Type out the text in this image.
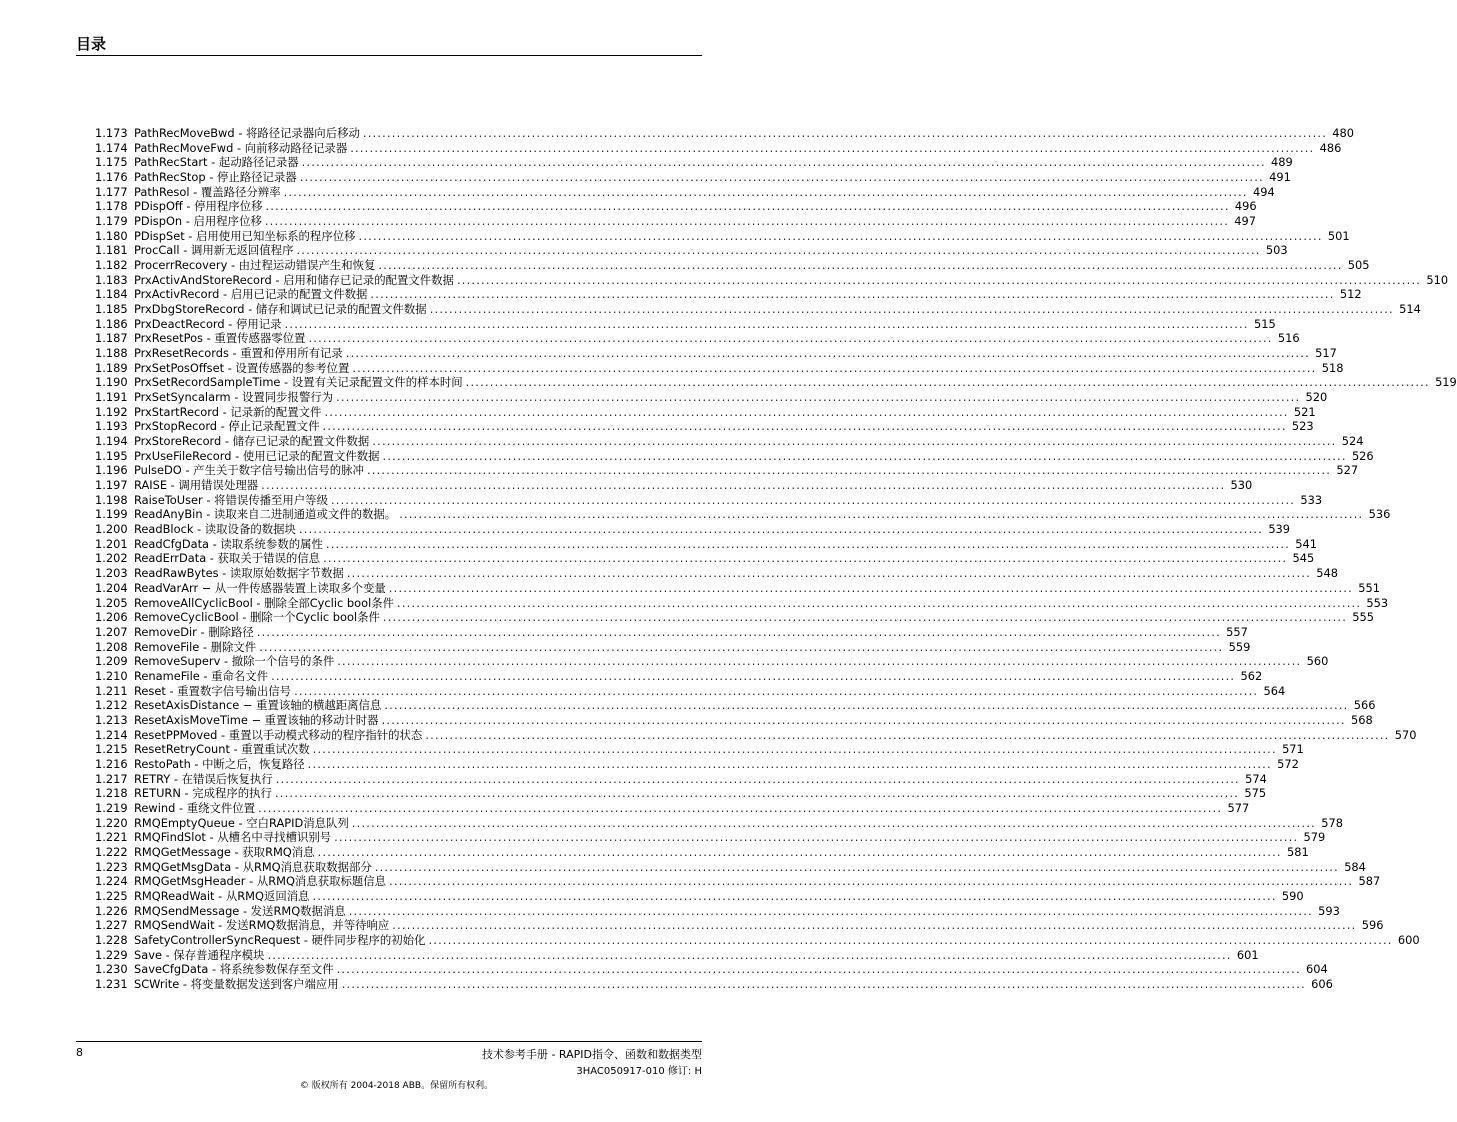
目录
1.173 PathRecMoveBwd - 将路径记录器向后移动 ........................................................................................................................................................................................................ 480
1.174 PathRecMoveFwd - 向前移动路径记录器 ........................................................................................................................................................................................................ 486
1.175 PathRecStart - 起动路径记录器 ........................................................................................................................................................................................................ 489
1.176 PathRecStop - 停止路径记录器 ........................................................................................................................................................................................................ 491
1.177 PathResol - 覆盖路径分辨率 ........................................................................................................................................................................................................ 494
1.178 PDispOff - 停用程序位移 ........................................................................................................................................................................................................ 496
1.179 PDispOn - 启用程序位移 ........................................................................................................................................................................................................ 497
1.180 PDispSet - 启用使用已知坐标系的程序位移 ........................................................................................................................................................................................................ 501
1.181 ProcCall - 调用新无返回值程序 ........................................................................................................................................................................................................ 503
1.182 ProcerrRecovery - 由过程运动错误产生和恢复 ........................................................................................................................................................................................................ 505
1.183 PrxActivAndStoreRecord - 启用和储存已记录的配置文件数据 ........................................................................................................................................................................................................ 510
1.184 PrxActivRecord - 启用已记录的配置文件数据 ........................................................................................................................................................................................................ 512
1.185 PrxDbgStoreRecord - 储存和调试已记录的配置文件数据 ........................................................................................................................................................................................................ 514
1.186 PrxDeactRecord - 停用记录 ........................................................................................................................................................................................................ 515
1.187 PrxResetPos - 重置传感器零位置 ........................................................................................................................................................................................................ 516
1.188 PrxResetRecords - 重置和停用所有记录 ........................................................................................................................................................................................................ 517
1.189 PrxSetPosOffset - 设置传感器的参考位置 ........................................................................................................................................................................................................ 518
1.190 PrxSetRecordSampleTime - 设置有关记录配置文件的样本时间 ........................................................................................................................................................................................................ 519
1.191 PrxSetSyncalarm - 设置同步报警行为 ........................................................................................................................................................................................................ 520
1.192 PrxStartRecord - 记录新的配置文件 ........................................................................................................................................................................................................ 521
1.193 PrxStopRecord - 停止记录配置文件 ........................................................................................................................................................................................................ 523
1.194 PrxStoreRecord - 储存已记录的配置文件数据 ........................................................................................................................................................................................................ 524
1.195 PrxUseFileRecord - 使用已记录的配置文件数据 ........................................................................................................................................................................................................ 526
1.196 PulseDO - 产生关于数字信号输出信号的脉冲 ........................................................................................................................................................................................................ 527
1.197 RAISE - 调用错误处理器 ........................................................................................................................................................................................................ 530
1.198 RaiseToUser - 将错误传播至用户等级 ........................................................................................................................................................................................................ 533
1.199 ReadAnyBin - 读取来自二进制通道或文件的数据。 ........................................................................................................................................................................................................ 536
1.200 ReadBlock - 读取设备的数据块 ........................................................................................................................................................................................................ 539
1.201 ReadCfgData - 读取系统参数的属性 ........................................................................................................................................................................................................ 541
1.202 ReadErrData - 获取关于错误的信息 ........................................................................................................................................................................................................ 545
1.203 ReadRawBytes - 读取原始数据字节数据 ........................................................................................................................................................................................................ 548
1.204 ReadVarArr − 从一件传感器装置上读取多个变量 ........................................................................................................................................................................................................ 551
1.205 RemoveAllCyclicBool - 删除全部Cyclic bool条件 ........................................................................................................................................................................................................ 553
1.206 RemoveCyclicBool - 删除一个Cyclic bool条件 ........................................................................................................................................................................................................ 555
1.207 RemoveDir - 删除路径 ........................................................................................................................................................................................................ 557
1.208 RemoveFile - 删除文件 ........................................................................................................................................................................................................ 559
1.209 RemoveSuperv - 撤除一个信号的条件 ........................................................................................................................................................................................................ 560
1.210 RenameFile - 重命名文件 ........................................................................................................................................................................................................ 562
1.211 Reset - 重置数字信号输出信号 ........................................................................................................................................................................................................ 564
1.212 ResetAxisDistance − 重置该轴的横越距离信息 ........................................................................................................................................................................................................ 566
1.213 ResetAxisMoveTime − 重置该轴的移动计时器 ........................................................................................................................................................................................................ 568
1.214 ResetPPMoved - 重置以手动模式移动的程序指针的状态 ........................................................................................................................................................................................................ 570
1.215 ResetRetryCount - 重置重试次数 ........................................................................................................................................................................................................ 571
1.216 RestoPath - 中断之后，恢复路径 ........................................................................................................................................................................................................ 572
1.217 RETRY - 在错误后恢复执行 ........................................................................................................................................................................................................ 574
1.218 RETURN - 完成程序的执行 ........................................................................................................................................................................................................ 575
1.219 Rewind - 重绕文件位置 ........................................................................................................................................................................................................ 577
1.220 RMQEmptyQueue - 空白RAPID消息队列 ........................................................................................................................................................................................................ 578
1.221 RMQFindSlot - 从槽名中寻找槽识别号 ........................................................................................................................................................................................................ 579
1.222 RMQGetMessage - 获取RMQ消息 ........................................................................................................................................................................................................ 581
1.223 RMQGetMsgData - 从RMQ消息获取数据部分 ........................................................................................................................................................................................................ 584
1.224 RMQGetMsgHeader - 从RMQ消息获取标题信息 ........................................................................................................................................................................................................ 587
1.225 RMQReadWait - 从RMQ返回消息 ........................................................................................................................................................................................................ 590
1.226 RMQSendMessage - 发送RMQ数据消息 ........................................................................................................................................................................................................ 593
1.227 RMQSendWait - 发送RMQ数据消息，并等待响应 ........................................................................................................................................................................................................ 596
1.228 SafetyControllerSyncRequest - 硬件同步程序的初始化 ........................................................................................................................................................................................................ 600
1.229 Save - 保存普通程序模块 ........................................................................................................................................................................................................ 601
1.230 SaveCfgData - 将系统参数保存至文件 ........................................................................................................................................................................................................ 604
1.231 SCWrite - 将变量数据发送到客户端应用 ........................................................................................................................................................................................................ 606
8	技术参考手册 - RAPID指令、函数和数据类型
3HAC050917-010 修订: H
© 版权所有 2004-2018 ABB。保留所有权利。
